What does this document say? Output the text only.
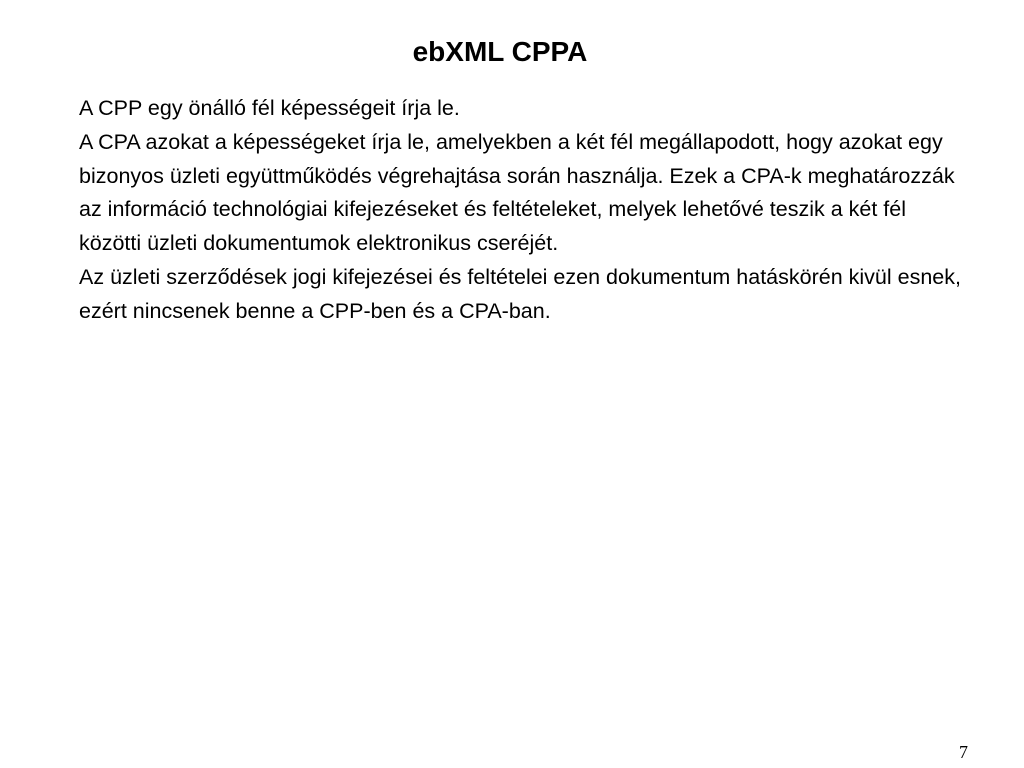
ebXML CPPA

A CPP egy önálló fél képességeit írja le.

A CPA azokat a képességeket írja le, amelyekben a két fél megállapodott, hogy azokat egy bizonyos üzleti együttműködés végrehajtása során használja. Ezek a CPA-k meghatározzák az információ technológiai kifejezéseket és feltételeket, melyek lehetővé teszik a két fél közötti üzleti dokumentumok elektronikus cseréjét.

Az üzleti szerződések jogi kifejezései és feltételei ezen dokumentum hatáskörén kivül esnek, ezért nincsenek benne a CPP-ben és a CPA-ban.

7
